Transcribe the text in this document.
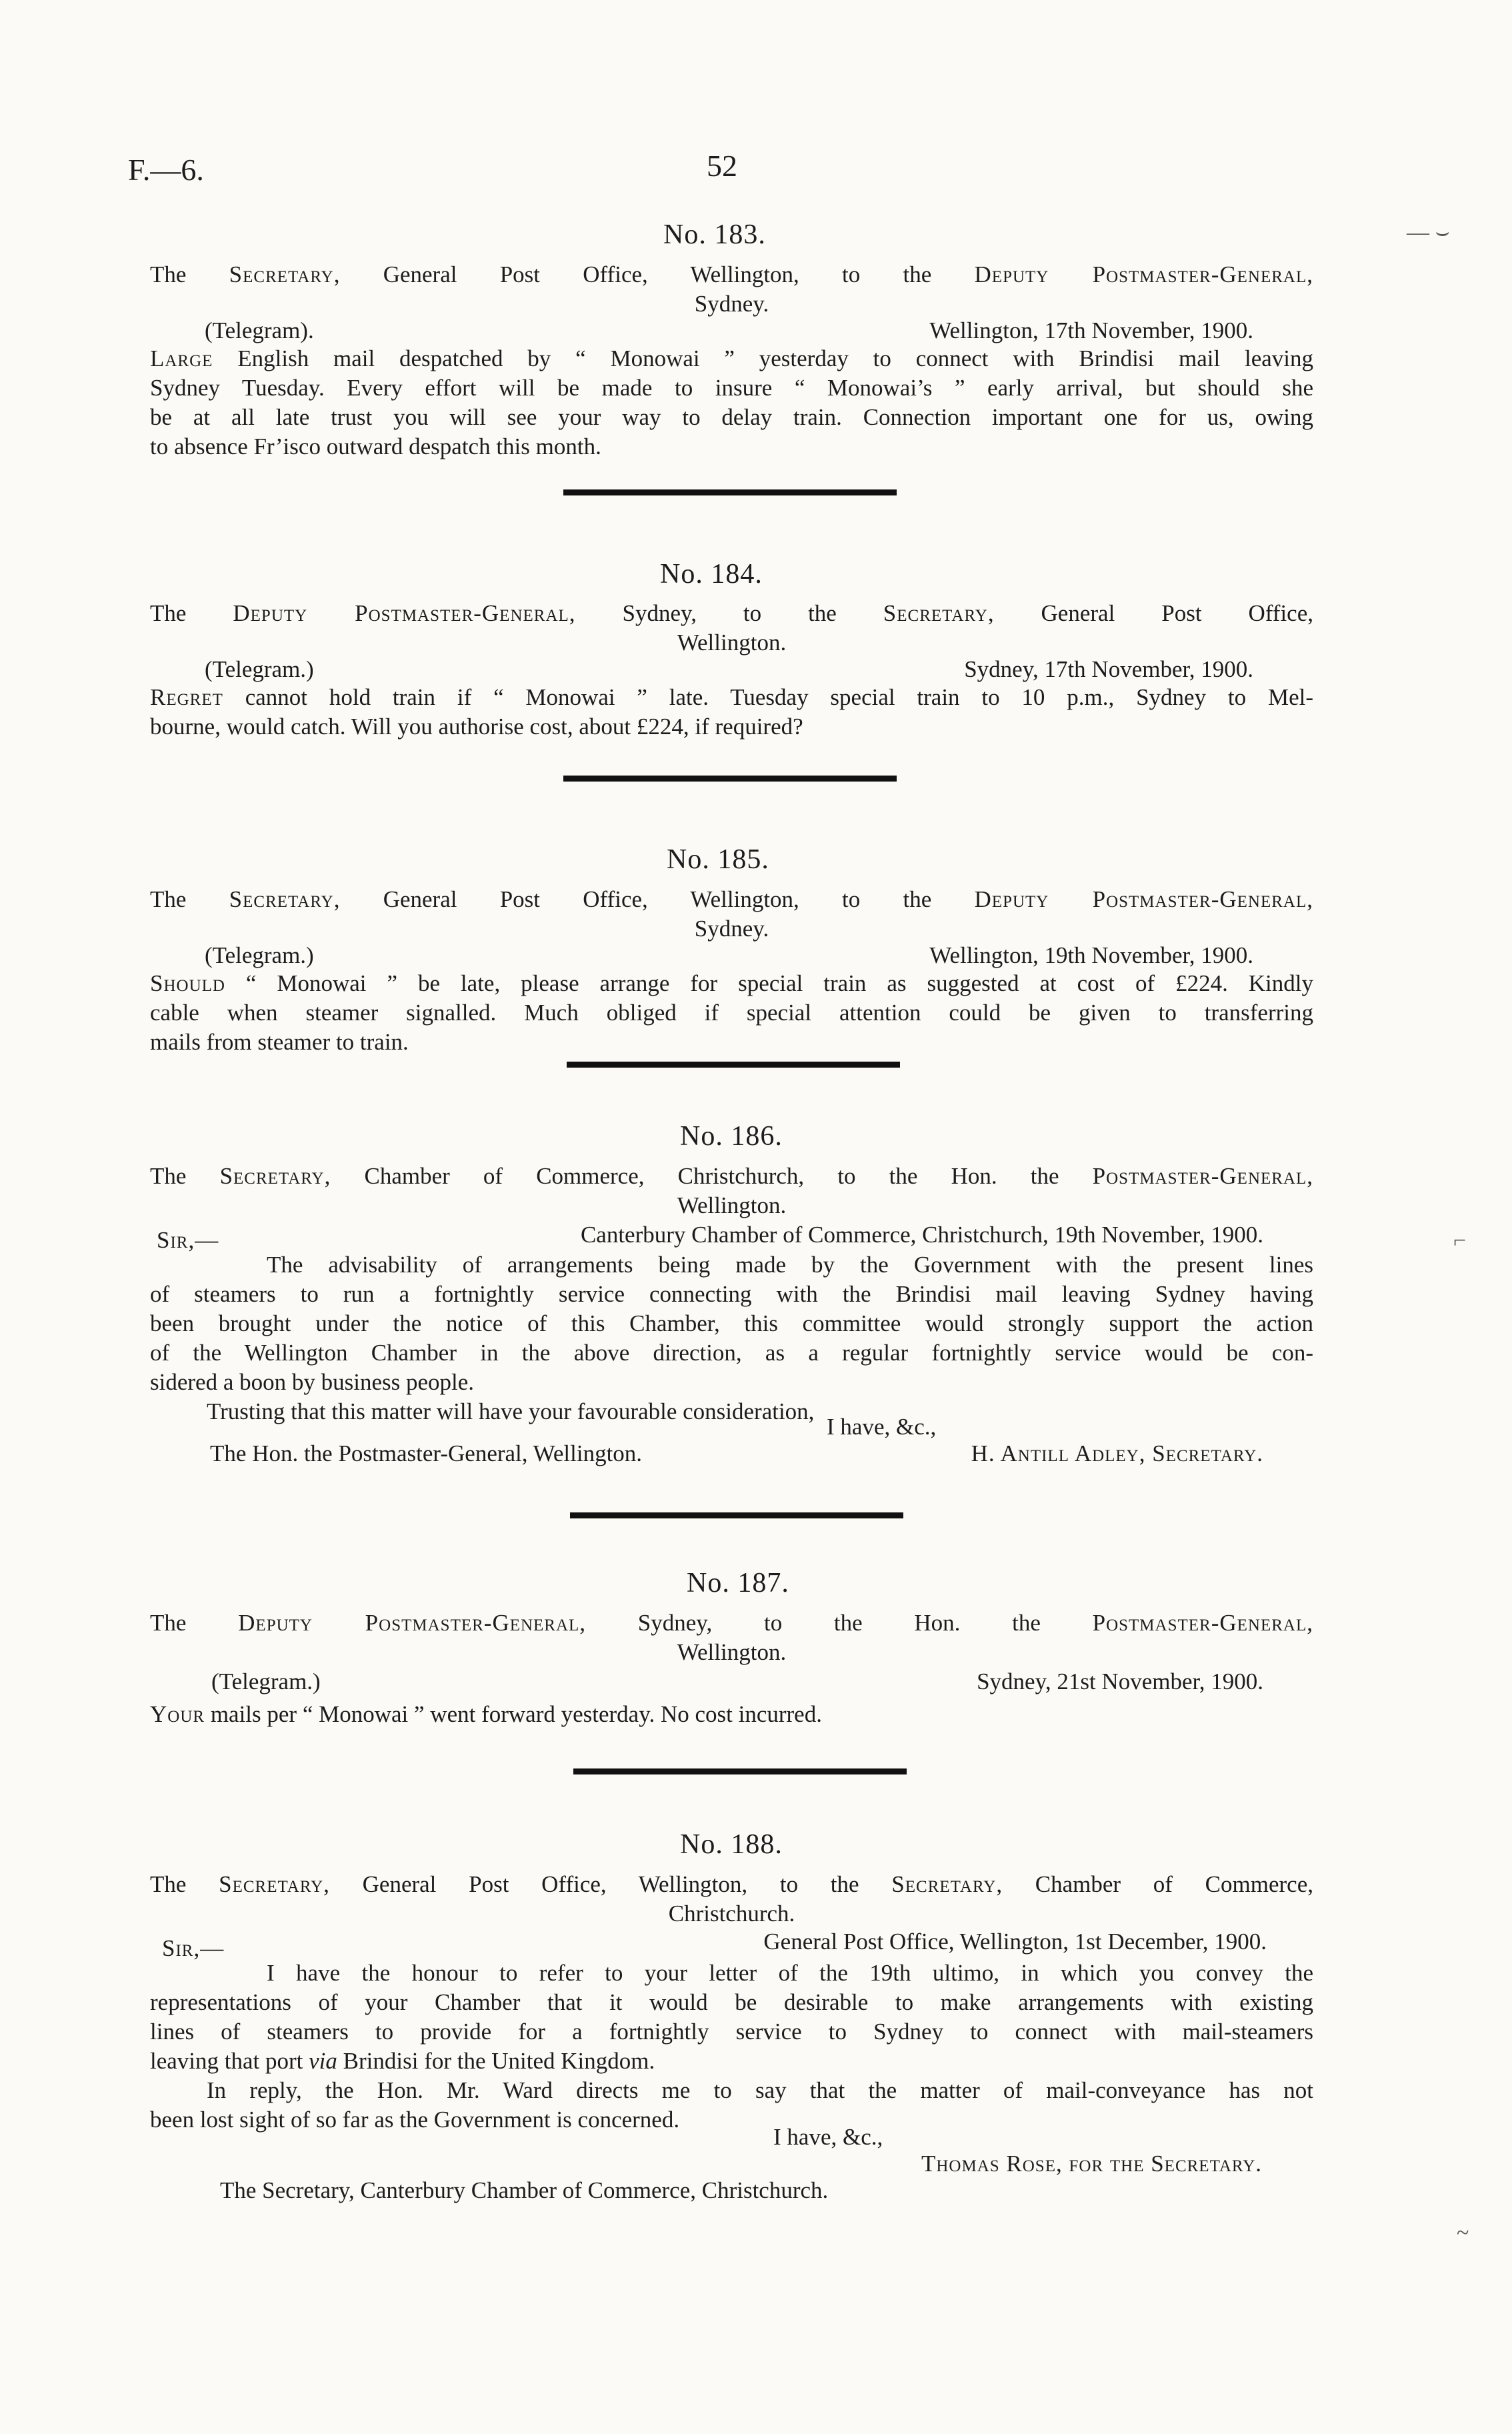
F.—6.	52
— ⌣
⌐
~
No. 183.
The Secretary, General Post Office, Wellington, to the Deputy Postmaster-General,
Sydney.
(Telegram).	Wellington, 17th November, 1900.
Large English mail despatched by “ Monowai ” yesterday to connect with Brindisi mail leaving
Sydney Tuesday. Every effort will be made to insure “ Monowai’s ” early arrival, but should she
be at all late trust you will see your way to delay train. Connection important one for us, owing
to absence Fr’isco outward despatch this month.
No. 184.
The Deputy Postmaster-General, Sydney, to the Secretary, General Post Office,
Wellington.
(Telegram.)	Sydney, 17th November, 1900.
Regret cannot hold train if “ Monowai ” late. Tuesday special train to 10 p.m., Sydney to Mel-
bourne, would catch. Will you authorise cost, about £224, if required?
No. 185.
The Secretary, General Post Office, Wellington, to the Deputy Postmaster-General,
Sydney.
(Telegram.)	Wellington, 19th November, 1900.
Should “ Monowai ” be late, please arrange for special train as suggested at cost of £224. Kindly
cable when steamer signalled. Much obliged if special attention could be given to transferring
mails from steamer to train.
No. 186.
The Secretary, Chamber of Commerce, Christchurch, to the Hon. the Postmaster-General,
Wellington.
Sir,—	Canterbury Chamber of Commerce, Christchurch, 19th November, 1900.
The advisability of arrangements being made by the Government with the present lines
of steamers to run a fortnightly service connecting with the Brindisi mail leaving Sydney having
been brought under the notice of this Chamber, this committee would strongly support the action
of the Wellington Chamber in the above direction, as a regular fortnightly service would be con-
sidered a boon by business people.
Trusting that this matter will have your favourable consideration,
I have, &c.,
The Hon. the Postmaster-General, Wellington.	H. Antill Adley, Secretary.
No. 187.
The Deputy Postmaster-General, Sydney, to the Hon. the Postmaster-General,
Wellington.
(Telegram.)	Sydney, 21st November, 1900.
Your mails per “ Monowai ” went forward yesterday. No cost incurred.
No. 188.
The Secretary, General Post Office, Wellington, to the Secretary, Chamber of Commerce,
Christchurch.
Sir,—	General Post Office, Wellington, 1st December, 1900.
I have the honour to refer to your letter of the 19th ultimo, in which you convey the
representations of your Chamber that it would be desirable to make arrangements with existing
lines of steamers to provide for a fortnightly service to Sydney to connect with mail-steamers
leaving that port via Brindisi for the United Kingdom.
In reply, the Hon. Mr. Ward directs me to say that the matter of mail-conveyance has not
been lost sight of so far as the Government is concerned.
I have, &c.,
Thomas Rose, for the Secretary.
The Secretary, Canterbury Chamber of Commerce, Christchurch.
